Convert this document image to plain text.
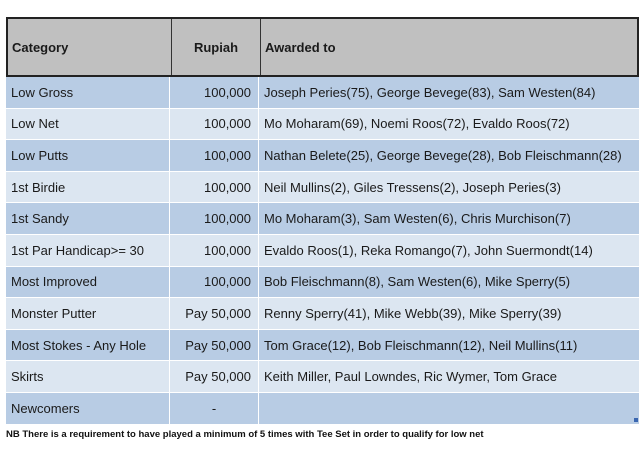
Category	Rupiah	Awarded to
Low Gross	100,000	Joseph Peries(75), George Bevege(83), Sam Westen(84)
Low Net	100,000	Mo Moharam(69), Noemi Roos(72), Evaldo Roos(72)
Low Putts	100,000	Nathan Belete(25), George Bevege(28), Bob Fleischmann(28)
1st Birdie	100,000	Neil Mullins(2), Giles Tressens(2), Joseph Peries(3)
1st Sandy	100,000	Mo Moharam(3), Sam Westen(6), Chris Murchison(7)
1st Par Handicap>= 30	100,000	Evaldo Roos(1), Reka Romango(7), John Suermondt(14)
Most Improved	100,000	Bob Fleischmann(8), Sam Westen(6), Mike Sperry(5)
Monster Putter	Pay 50,000	Renny Sperry(41), Mike Webb(39), Mike Sperry(39)
Most Stokes - Any Hole	Pay 50,000	Tom Grace(12), Bob Fleischmann(12), Neil Mullins(11)
Skirts	Pay 50,000	Keith Miller, Paul Lowndes, Ric Wymer, Tom Grace
Newcomers	-
NB There is a requirement to have played a minimum of 5 times with Tee Set in order to qualify for low net
